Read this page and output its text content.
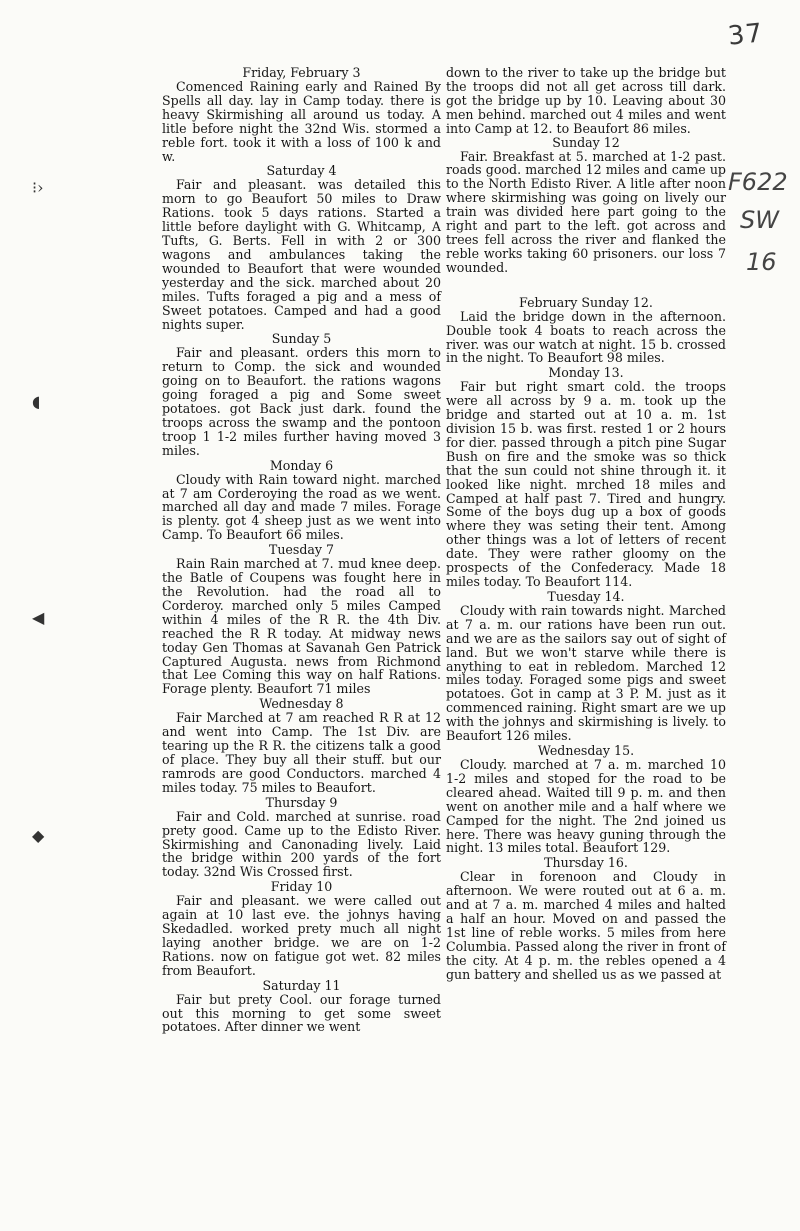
37
F622
SW
16
⁝›
◖
◀
◆

Friday, February 3

Comenced Raining early and Rained By Spells all day. lay in Camp today. there is heavy Skirmishing all around us today. A litle before night the 32nd Wis. stormed a reble fort. took it with a loss of 100 k and w.

Saturday 4

Fair and pleasant. was detailed this morn to go Beaufort 50 miles to Draw Rations. took 5 days rations. Started a little before daylight with G. Whitcamp, A Tufts, G. Berts. Fell in with 2 or 300 wagons and ambulances taking the wounded to Beaufort that were wounded yesterday and the sick. marched about 20 miles. Tufts foraged a pig and a mess of Sweet potatoes. Camped and had a good nights super.

Sunday 5

Fair and pleasant. orders this morn to return to Comp. the sick and wounded going on to Beaufort. the rations wagons going foraged a pig and Some sweet potatoes. got Back just dark. found the troops across the swamp and the pontoon troop 1 1-2 miles further having moved 3 miles.

Monday 6

Cloudy with Rain toward night. marched at 7 am Corderoying the road as we went. marched all day and made 7 miles. Forage is plenty. got 4 sheep just as we went into Camp. To Beaufort 66 miles.

Tuesday 7

Rain Rain marched at 7. mud knee deep. the Batle of Coupens was fought here in the Revolution. had the road all to Corderoy. marched only 5 miles Camped within 4 miles of the R R. the 4th Div. reached the R R today. At midway news today Gen Thomas at Savanah Gen Patrick Captured Augusta. news from Richmond that Lee Coming this way on half Rations. Forage plenty. Beaufort 71 miles

Wednesday 8

Fair Marched at 7 am reached R R at 12 and went into Camp. The 1st Div. are tearing up the R R. the citizens talk a good of place. They buy all their stuff. but our ramrods are good Conductors. marched 4 miles today. 75 miles to Beaufort.

Thursday 9

Fair and Cold. marched at sunrise. road prety good. Came up to the Edisto River. Skirmishing and Canonading lively. Laid the bridge within 200 yards of the fort today. 32nd Wis Crossed first.

Friday 10

Fair and pleasant. we were called out again at 10 last eve. the johnys having Skedadled. worked prety much all night laying another bridge. we are on 1-2 Rations. now on fatigue got wet. 82 miles from Beaufort.

Saturday 11

Fair but prety Cool. our forage turned out this morning to get some sweet potatoes. After dinner we went

down to the river to take up the bridge but the troops did not all get across till dark. got the bridge up by 10. Leaving about 30 men behind. marched out 4 miles and went into Camp at 12. to Beaufort 86 miles.

Sunday 12

Fair. Breakfast at 5. marched at 1-2 past. roads good. marched 12 miles and came up to the North Edisto River. A litle after noon where skirmishing was going on lively our train was divided here part going to the right and part to the left. got across and trees fell across the river and flanked the reble works taking 60 prisoners. our loss 7 wounded.

February Sunday 12.

Laid the bridge down in the afternoon. Double took 4 boats to reach across the river. was our watch at night. 15 b. crossed in the night. To Beaufort 98 miles.

Monday 13.

Fair but right smart cold. the troops were all across by 9 a. m. took up the bridge and started out at 10 a. m. 1st division 15 b. was first. rested 1 or 2 hours for dier. passed through a pitch pine Sugar Bush on fire and the smoke was so thick that the sun could not shine through it. it looked like night. mrched 18 miles and Camped at half past 7. Tired and hungry. Some of the boys dug up a box of goods where they was seting their tent. Among other things was a lot of letters of recent date. They were rather gloomy on the prospects of the Confederacy. Made 18 miles today. To Beaufort 114.

Tuesday 14.

Cloudy with rain towards night. Marched at 7 a. m. our rations have been run out. and we are as the sailors say out of sight of land. But we won't starve while there is anything to eat in rebledom. Marched 12 miles today. Foraged some pigs and sweet potatoes. Got in camp at 3 P. M. just as it commenced raining. Right smart are we up with the johnys and skirmishing is lively. to Beaufort 126 miles.

Wednesday 15.

Cloudy. marched at 7 a. m. marched 10 1-2 miles and stoped for the road to be cleared ahead. Waited till 9 p. m. and then went on another mile and a half where we Camped for the night. The 2nd joined us here. There was heavy guning through the night. 13 miles total. Beaufort 129.

Thursday 16.

Clear in forenoon and Cloudy in afternoon. We were routed out at 6 a. m. and at 7 a. m. marched 4 miles and halted a half an hour. Moved on and passed the 1st line of reble works. 5 miles from here Columbia. Passed along the river in front of the city. At 4 p. m. the rebles opened a 4 gun battery and shelled us as we passed at
